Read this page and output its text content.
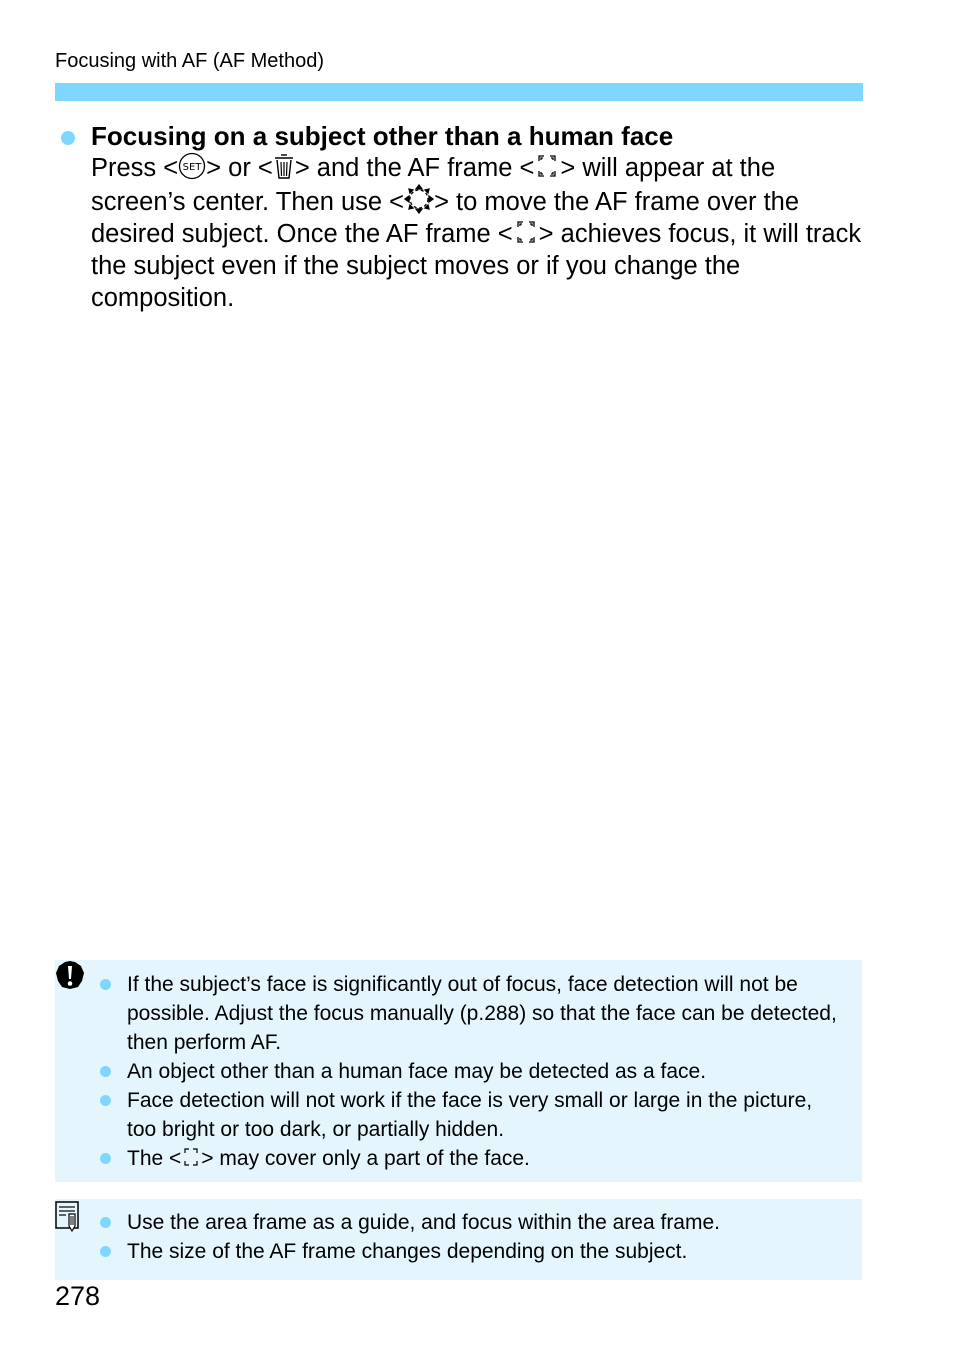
Focusing with AF (AF Method)
Focusing on a subject other than a human face
Press < SET > or < > and the AF frame < > will appear at the screen’s center. Then use < > to move the AF frame over the desired subject. Once the AF frame < > achieves focus, it will track the subject even if the subject moves or if you change the composition.
If the subject’s face is significantly out of focus, face detection will not be possible. Adjust the focus manually (p.288) so that the face can be detected, then perform AF.
An object other than a human face may be detected as a face.
Face detection will not work if the face is very small or large in the picture, too bright or too dark, or partially hidden.
The < > may cover only a part of the face.
Use the area frame as a guide, and focus within the area frame.
The size of the AF frame changes depending on the subject.
278
